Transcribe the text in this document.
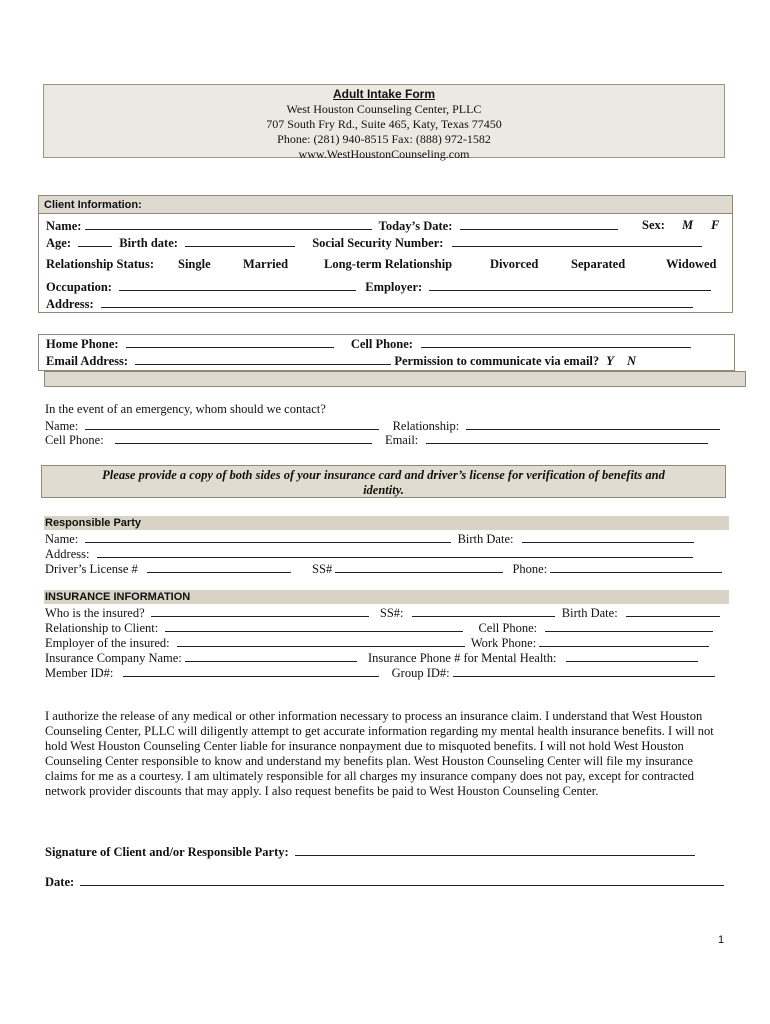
Adult Intake Form
West Houston Counseling Center, PLLC
707 South Fry Rd., Suite 465, Katy, Texas 77450
Phone: (281) 940-8515 Fax: (888) 972-1582
www.WestHoustonCounseling.com
Client Information:
Name:	Today’s Date:	Sex: M F
Age:	Birth date:	Social Security Number:
Relationship Status: Single	Married	Long-term Relationship	Divorced	Separated	Widowed
Occupation:	Employer:
Address:
Home Phone:	Cell Phone:
Email Address:	Permission to communicate via email? Y N
In the event of an emergency, whom should we contact?
Name:	Relationship:
Cell Phone:	Email:
Please provide a copy of both sides of your insurance card and driver’s license for verification of benefits and identity.
Responsible Party
Name:	Birth Date:
Address:
Driver’s License #	SS#	Phone:
INSURANCE INFORMATION
Who is the insured?	SS#:	Birth Date:
Relationship to Client:	Cell Phone:
Employer of the insured:	Work Phone:
Insurance Company Name:	Insurance Phone # for Mental Health:
Member ID#:	Group ID#:
I authorize the release of any medical or other information necessary to process an insurance claim. I understand that West Houston Counseling Center, PLLC will diligently attempt to get accurate information regarding my mental health insurance benefits. I will not hold West Houston Counseling Center liable for insurance nonpayment due to misquoted benefits. I will not hold West Houston Counseling Center responsible to know and understand my benefits plan. West Houston Counseling Center will file my insurance claims for me as a courtesy. I am ultimately responsible for all charges my insurance company does not pay, except for contracted network provider discounts that may apply. I also request benefits be paid to West Houston Counseling Center.
Signature of Client and/or Responsible Party:
Date:
1
